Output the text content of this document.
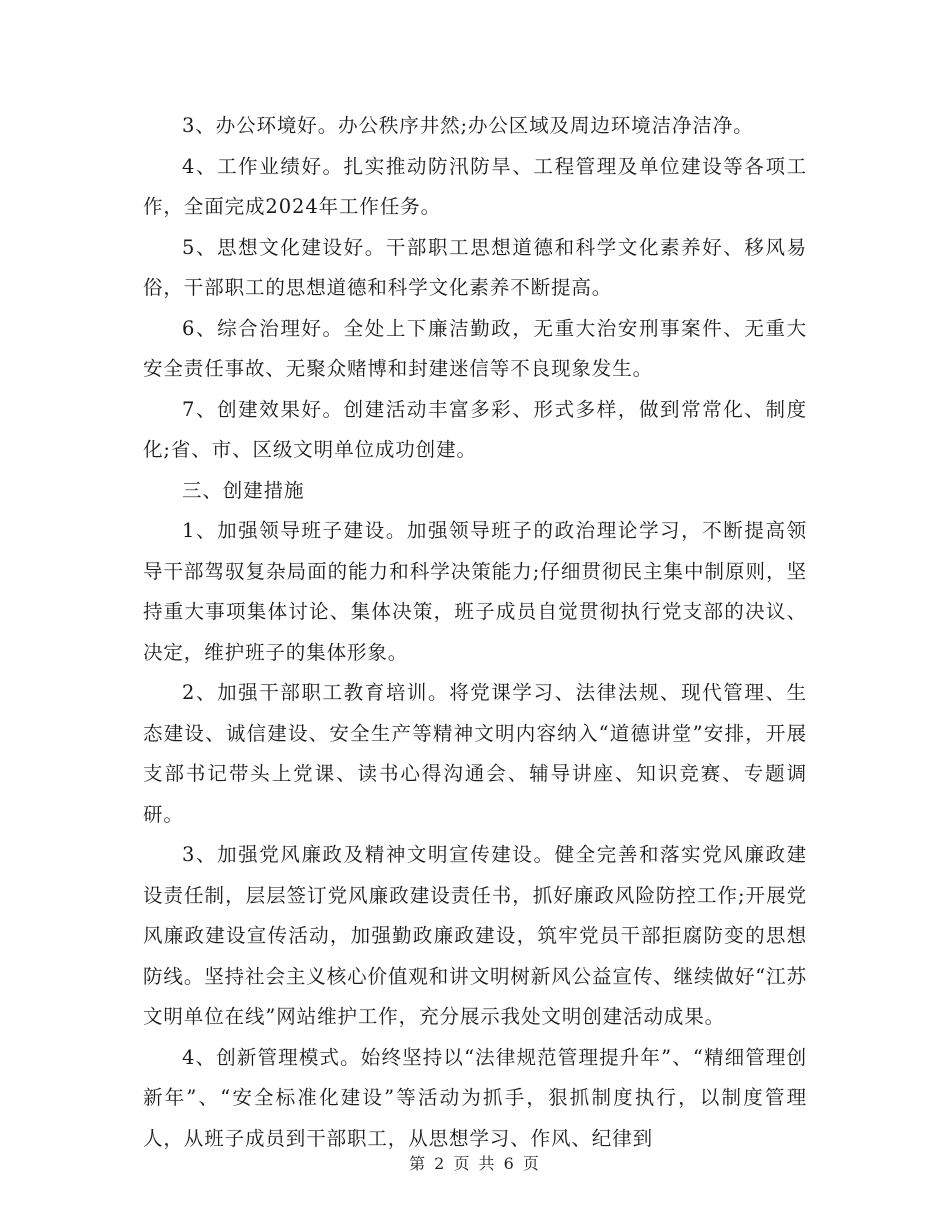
3、办公环境好。办公秩序井然;办公区域及周边环境洁净洁净。

4、工作业绩好。扎实推动防汛防旱、工程管理及单位建设等各项工作，全面完成2024年工作任务。

5、思想文化建设好。干部职工思想道德和科学文化素养好、移风易俗，干部职工的思想道德和科学文化素养不断提高。

6、综合治理好。全处上下廉洁勤政，无重大治安刑事案件、无重大安全责任事故、无聚众赌博和封建迷信等不良现象发生。

7、创建效果好。创建活动丰富多彩、形式多样，做到常常化、制度化;省、市、区级文明单位成功创建。

三、创建措施

1、加强领导班子建设。加强领导班子的政治理论学习，不断提高领导干部驾驭复杂局面的能力和科学决策能力;仔细贯彻民主集中制原则，坚持重大事项集体讨论、集体决策，班子成员自觉贯彻执行党支部的决议、决定，维护班子的集体形象。

2、加强干部职工教育培训。将党课学习、法律法规、现代管理、生态建设、诚信建设、安全生产等精神文明内容纳入“道德讲堂”安排，开展支部书记带头上党课、读书心得沟通会、辅导讲座、知识竞赛、专题调研。

3、加强党风廉政及精神文明宣传建设。健全完善和落实党风廉政建设责任制，层层签订党风廉政建设责任书，抓好廉政风险防控工作;开展党风廉政建设宣传活动，加强勤政廉政建设，筑牢党员干部拒腐防变的思想防线。坚持社会主义核心价值观和讲文明树新风公益宣传、继续做好“江苏文明单位在线”网站维护工作，充分展示我处文明创建活动成果。

4、创新管理模式。始终坚持以“法律规范管理提升年”、“精细管理创新年”、“安全标准化建设”等活动为抓手，狠抓制度执行，以制度管理人，从班子成员到干部职工，从思想学习、作风、纪律到

第 2 页 共 6 页
